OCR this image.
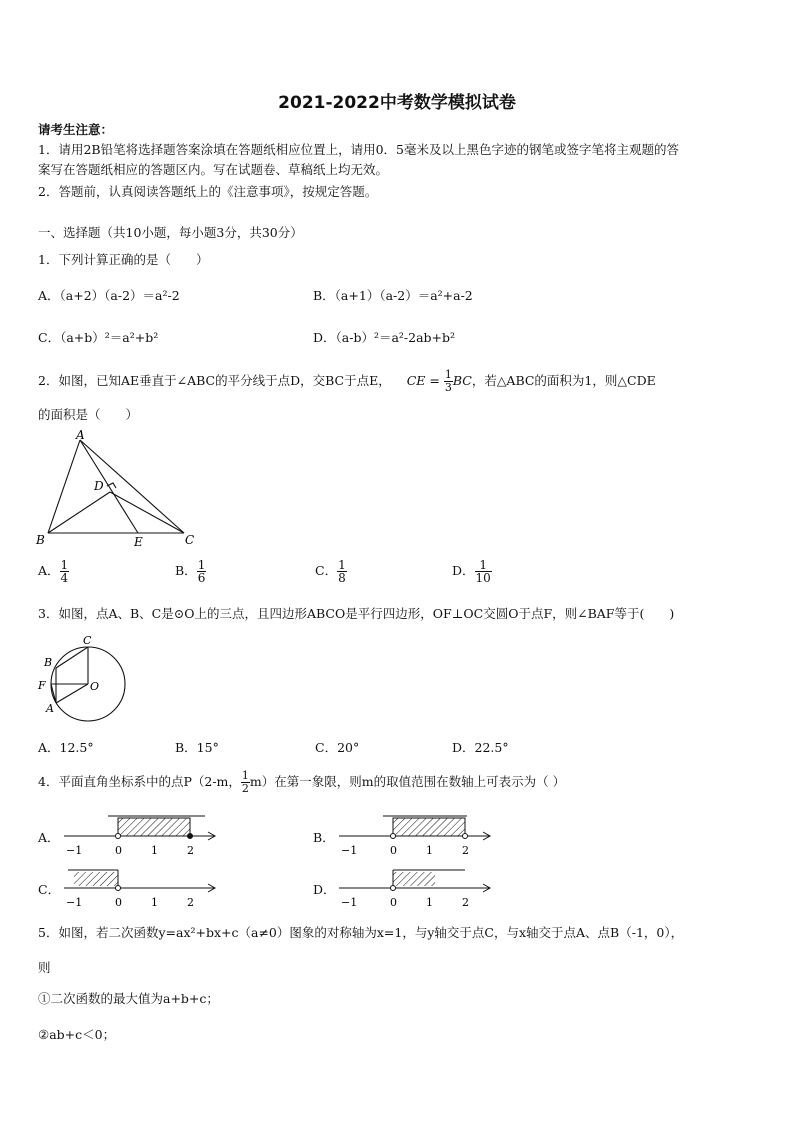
2021-2022中考数学模拟试卷
请考生注意：
1．请用2B铅笔将选择题答案涂填在答题纸相应位置上，请用0．5毫米及以上黑色字迹的钢笔或签字笔将主观题的答
案写在答题纸相应的答题区内。写在试题卷、草稿纸上均无效。
2．答题前，认真阅读答题纸上的《注意事项》，按规定答题。
一、选择题（共10小题，每小题3分，共30分）
1．下列计算正确的是（　　）
A．（a+2）（a-2）＝a²-2	B．（a+1）（a-2）＝a²+a-2
C．（a+b）²＝a²+b²	D．（a-b）²＝a²-2ab+b²
2．如图，已知AE垂直于∠ABC的平分线于点D，交BC于点E， CE = $\frac{1}{3}$ BC，若△ABC的面积为1，则△CDE
的面积是（　　）
A
B	C
D
E
A． $\frac{1}{4}$	B． $\frac{1}{6}$	C． $\frac{1}{8}$	D． $\frac{1}{10}$
3．如图，点A、B、C是⊙O上的三点，且四边形ABCO是平行四边形，OF⊥OC交圆O于点F，则∠BAF等于(　　)
C
B
F	O
A
A．12.5°	B．15°	C．20°	D．22.5°
4．平面直角坐标系中的点P（2-m， $\frac{1}{2} m$）在第一象限，则m的取值范围在数轴上可表示为（ ）
A．
−1	0	1	2
B．
−1	0	1	2
C．
−1	0	1	2
D．
−1	0	1	2
5．如图，若二次函数y=ax²+bx+c（a≠0）图象的对称轴为x=1，与y轴交于点C，与x轴交于点A、点B（-1，0），
则
①二次函数的最大值为a+b+c；
②ab+c＜0；
